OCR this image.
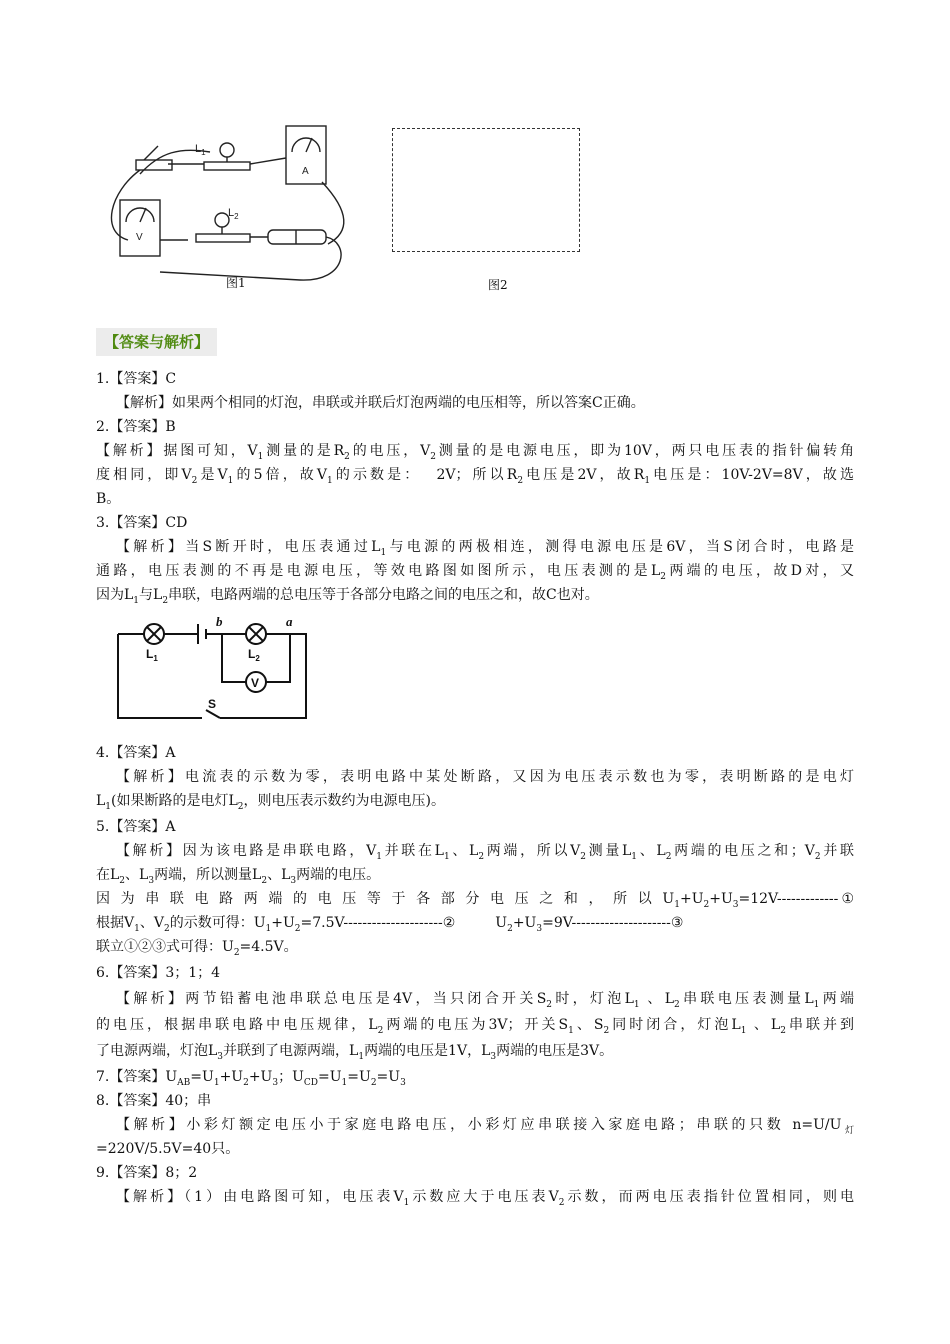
$L_1$
$L_2$
A
V
图1	图2
【答案与解析】
1.【答案】C
【解析】如果两个相同的灯泡，串联或并联后灯泡两端的电压相等，所以答案C正确。
2.【答案】B
【解析】据图可知，$V_1$测量的是$R_2$的电压，$V_2$测量的是电源电压，即为10V，两只电压表的指针偏转角
度相同，即$V_2$是$V_1$的5倍，故$V_1$的示数是：  2V；所以$R_2$电压是2V，故$R_1$电压是：10V-2V=8V，故选
B。
3.【答案】CD
【解析】当S断开时，电压表通过$L_1$与电源的两极相连，测得电源电压是6V，当S闭合时，电路是
通路，电压表测的不再是电源电压，等效电路图如图所示，电压表测的是$L_2$两端的电压，故D对，又
因为$L_1$与$L_2$串联，电路两端的总电压等于各部分电路之间的电压之和，故C也对。
b	a
$L_1$	$L_2$
V
S
4.【答案】A
【解析】电流表的示数为零，表明电路中某处断路，又因为电压表示数也为零，表明断路的是电灯
$L_1$(如果断路的是电灯$L_2$，则电压表示数约为电源电压)。
5.【答案】A
【解析】因为该电路是串联电路，$V_1$并联在$L_1$、$L_2$两端，所以$V_2$测量$L_1$、$L_2$两端的电压之和；$V_2$并联
在$L_2$、$L_3$两端，所以测量$L_2$、$L_3$两端的电压。
因 为 串 联 电 路 两 端 的 电 压 等 于 各 部 分 电 压 之 和 ， 所 以 $U_1+U_2+U_3=12V-------------①$
根据$V_1$、$V_2$的示数可得：$U_1+U_2=7.5V---------------------②$         $U_2+U_3=9V---------------------③$
联立①②③式可得：$U_2=4.5V$。
6.【答案】3；1；4
【解析】两节铅蓄电池串联总电压是4V，当只闭合开关$S_2$时，灯泡$L_1$ 、$L_2$串联电压表测量$L_1$两端
的电压，根据串联电路中电压规律，$L_2$两端的电压为3V；开关$S_1$、$S_2$同时闭合，灯泡$L_1$ 、$L_2$串联并到
了电源两端，灯泡$L_3$并联到了电源两端，$L_1$两端的电压是1V，$L_3$两端的电压是3V。
7.【答案】$U_{AB}=U_1+U_2+U_3$；$U_{CD}=U_1=U_2=U_3$
8.【答案】40；串
【解析】小彩灯额定电压小于家庭电路电压，小彩灯应串联接入家庭电路；串联的只数 $n=U/U_灯$
=220V/5.5V=40只。
9.【答案】8；2
【解析】（1）由电路图可知，电压表$V_1$示数应大于电压表$V_2$示数，而两电压表指针位置相同，则电
